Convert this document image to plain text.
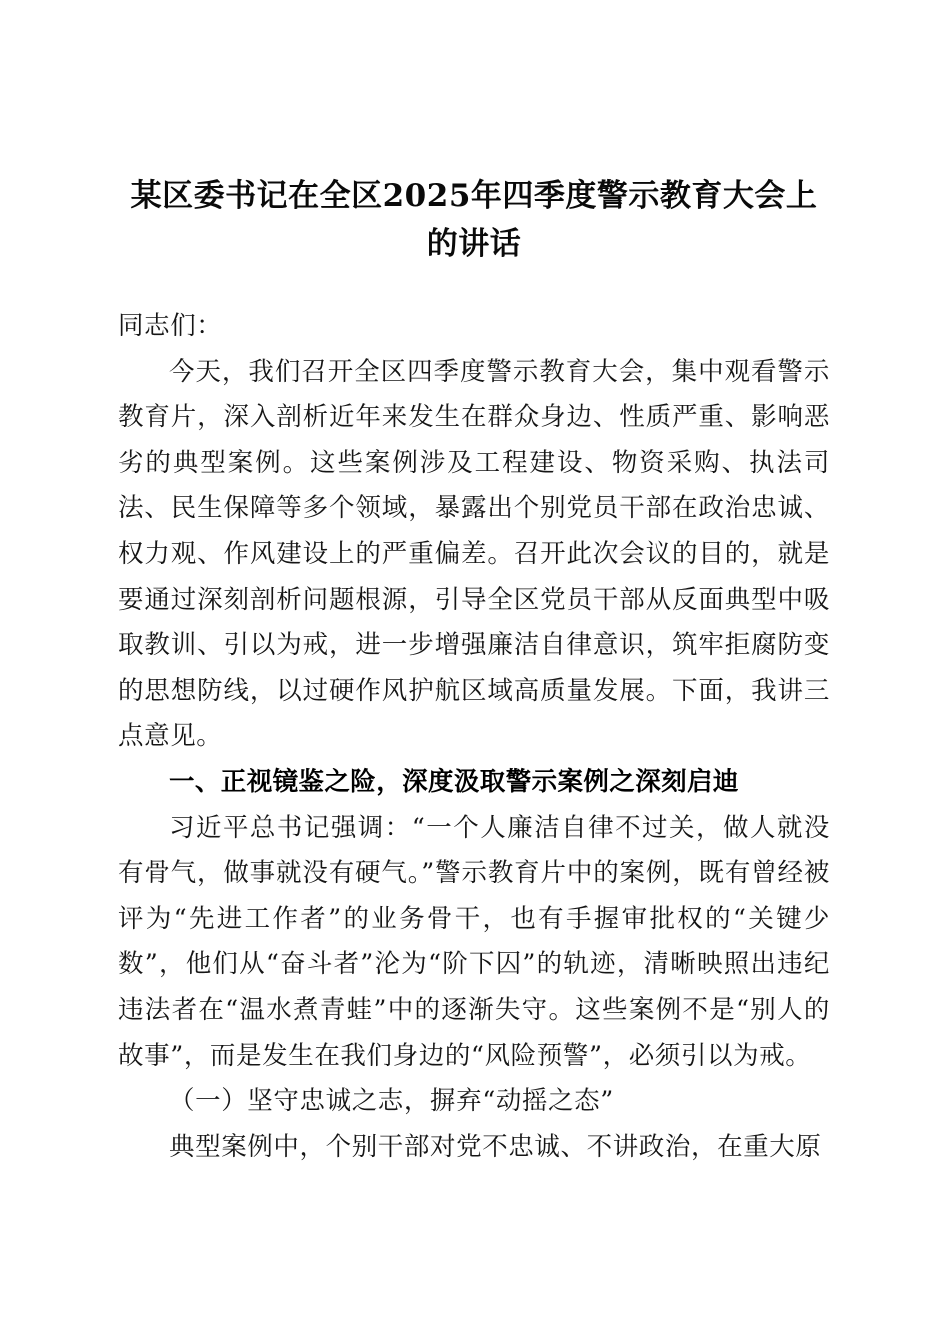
某区委书记在全区2025年四季度警示教育大会上的讲话

同志们：

今天，我们召开全区四季度警示教育大会，集中观看警示教育片，深入剖析近年来发生在群众身边、性质严重、影响恶劣的典型案例。这些案例涉及工程建设、物资采购、执法司法、民生保障等多个领域，暴露出个别党员干部在政治忠诚、权力观、作风建设上的严重偏差。召开此次会议的目的，就是要通过深刻剖析问题根源，引导全区党员干部从反面典型中吸取教训、引以为戒，进一步增强廉洁自律意识，筑牢拒腐防变的思想防线，以过硬作风护航区域高质量发展。下面，我讲三点意见。

一、正视镜鉴之险，深度汲取警示案例之深刻启迪

习近平总书记强调：“一个人廉洁自律不过关，做人就没有骨气，做事就没有硬气。”警示教育片中的案例，既有曾经被评为“先进工作者”的业务骨干，也有手握审批权的“关键少数”，他们从“奋斗者”沦为“阶下囚”的轨迹，清晰映照出违纪违法者在“温水煮青蛙”中的逐渐失守。这些案例不是“别人的故事”，而是发生在我们身边的“风险预警”，必须引以为戒。

（一）坚守忠诚之志，摒弃“动摇之态”

典型案例中，个别干部对党不忠诚、不讲政治，在重大原
